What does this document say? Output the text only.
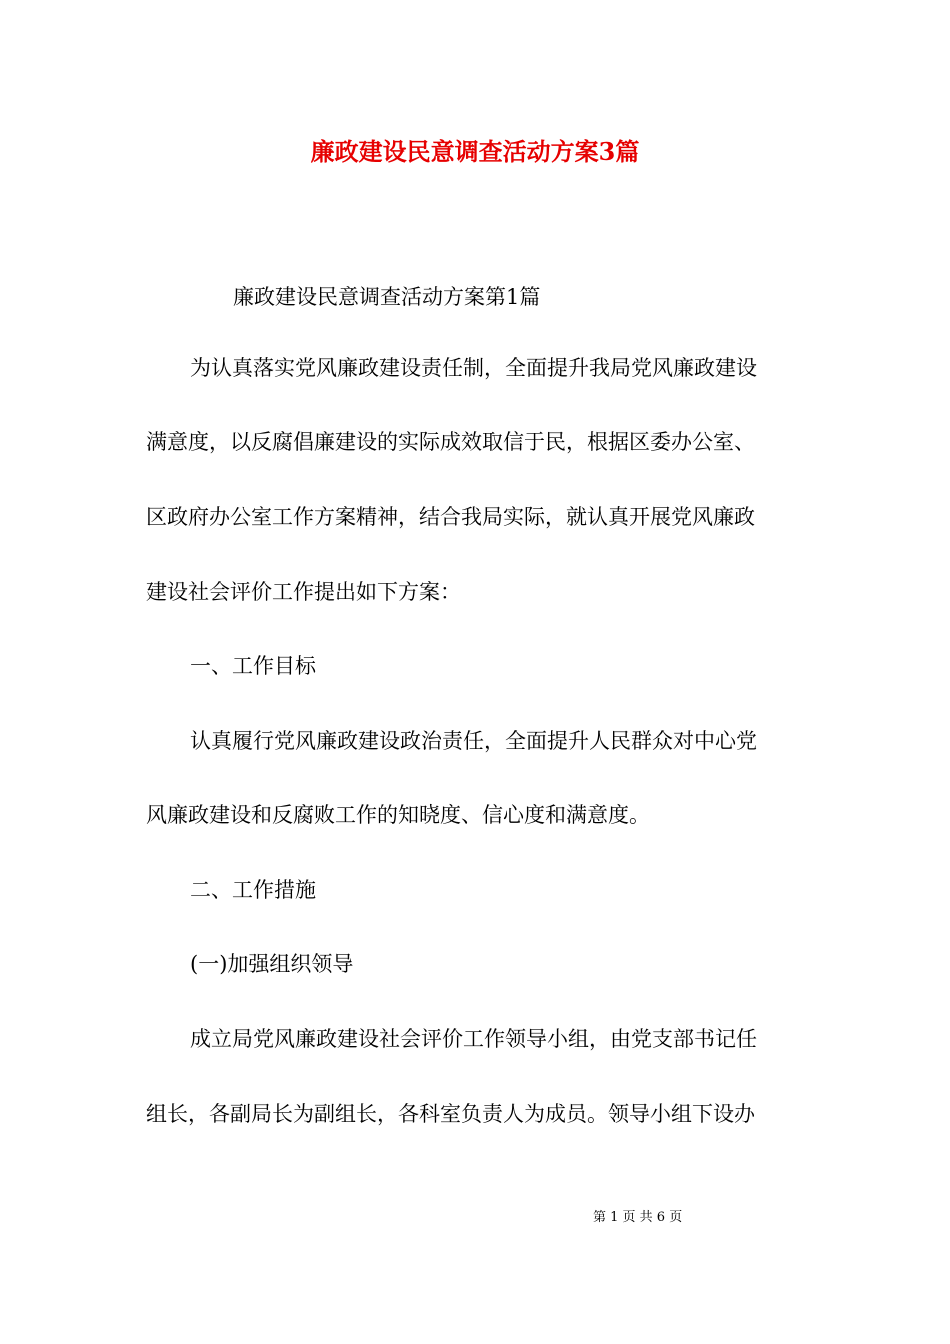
廉政建设民意调查活动方案3篇

廉政建设民意调查活动方案第1篇

为认真落实党风廉政建设责任制，全面提升我局党风廉政建设

满意度，以反腐倡廉建设的实际成效取信于民，根据区委办公室、

区政府办公室工作方案精神，结合我局实际，就认真开展党风廉政

建设社会评价工作提出如下方案：

一、工作目标

认真履行党风廉政建设政治责任，全面提升人民群众对中心党

风廉政建设和反腐败工作的知晓度、信心度和满意度。

二、工作措施

(一)加强组织领导

成立局党风廉政建设社会评价工作领导小组，由党支部书记任

组长，各副局长为副组长，各科室负责人为成员。领导小组下设办

第 1 页 共 6 页
